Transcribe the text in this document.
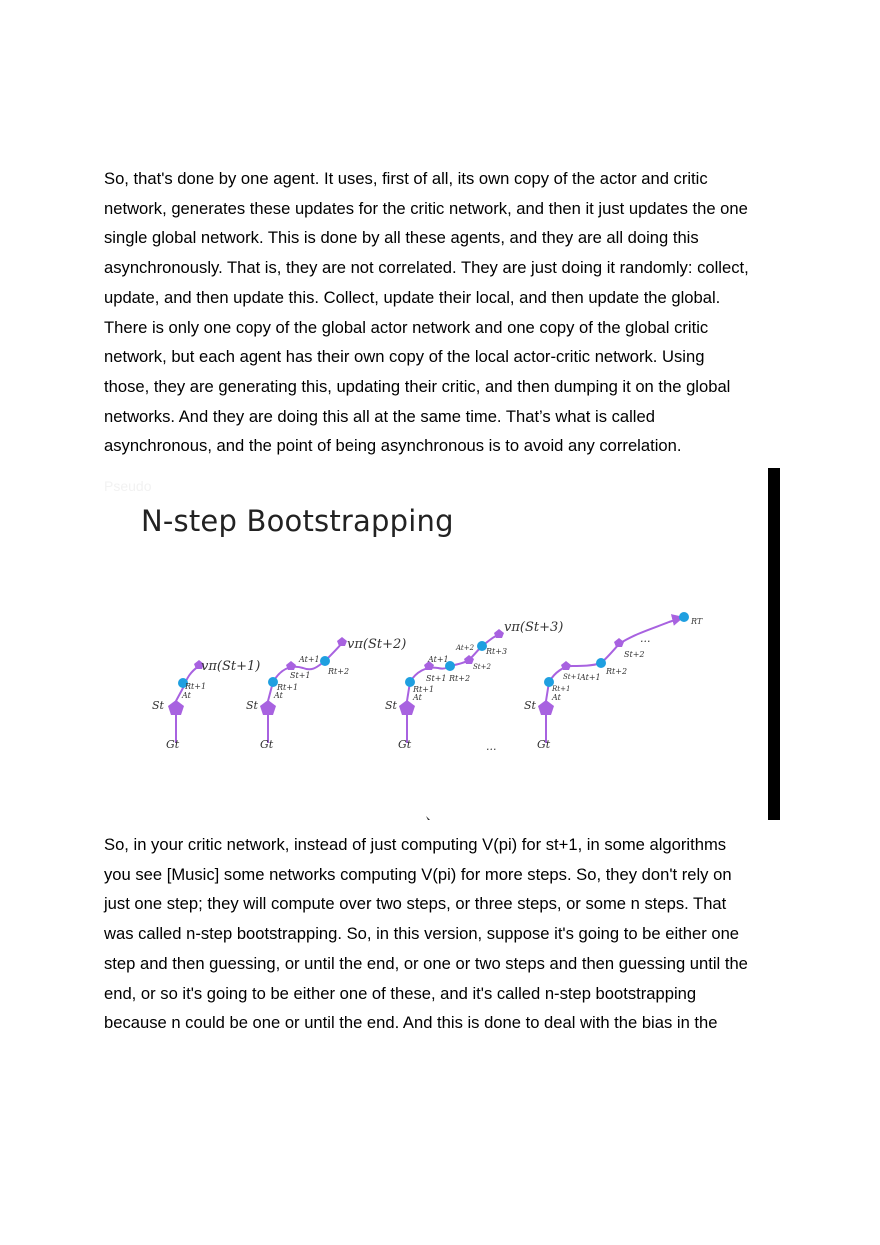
So, that's done by one agent. It uses, first of all, its own copy of the actor and critic
network, generates these updates for the critic network, and then it just updates the one
single global network. This is done by all these agents, and they are all doing this
asynchronously. That is, they are not correlated. They are just doing it randomly: collect,
update, and then update this. Collect, update their local, and then update the global.
There is only one copy of the global actor network and one copy of the global critic
network, but each agent has their own copy of the local actor-critic network. Using
those, they are generating this, updating their critic, and then dumping it on the global
networks. And they are doing this all at the same time. That’s what is called
asynchronous, and the point of being asynchronous is to avoid any correlation.
Pseudo
N-step Bootstrapping
vπ(St+1)
St
Gt
At
Rt+1
vπ(St+2)
St
Gt
At
Rt+1
St+1
At+1
Rt+2
vπ(St+3)
St
Gt
At
Rt+1
St+1
At+1
Rt+2
St+2
At+2 Rt+3
...
St
Gt
At
Rt+1
St+1 At+1
Rt+2
St+2
...
RT
So, in your critic network, instead of just computing V(pi) for st+1, in some algorithms
you see [Music] some networks computing V(pi) for more steps. So, they don't rely on
just one step; they will compute over two steps, or three steps, or some n steps. That
was called n-step bootstrapping. So, in this version, suppose it's going to be either one
step and then guessing, or until the end, or one or two steps and then guessing until the
end, or so it's going to be either one of these, and it's called n-step bootstrapping
because n could be one or until the end. And this is done to deal with the bias in the
